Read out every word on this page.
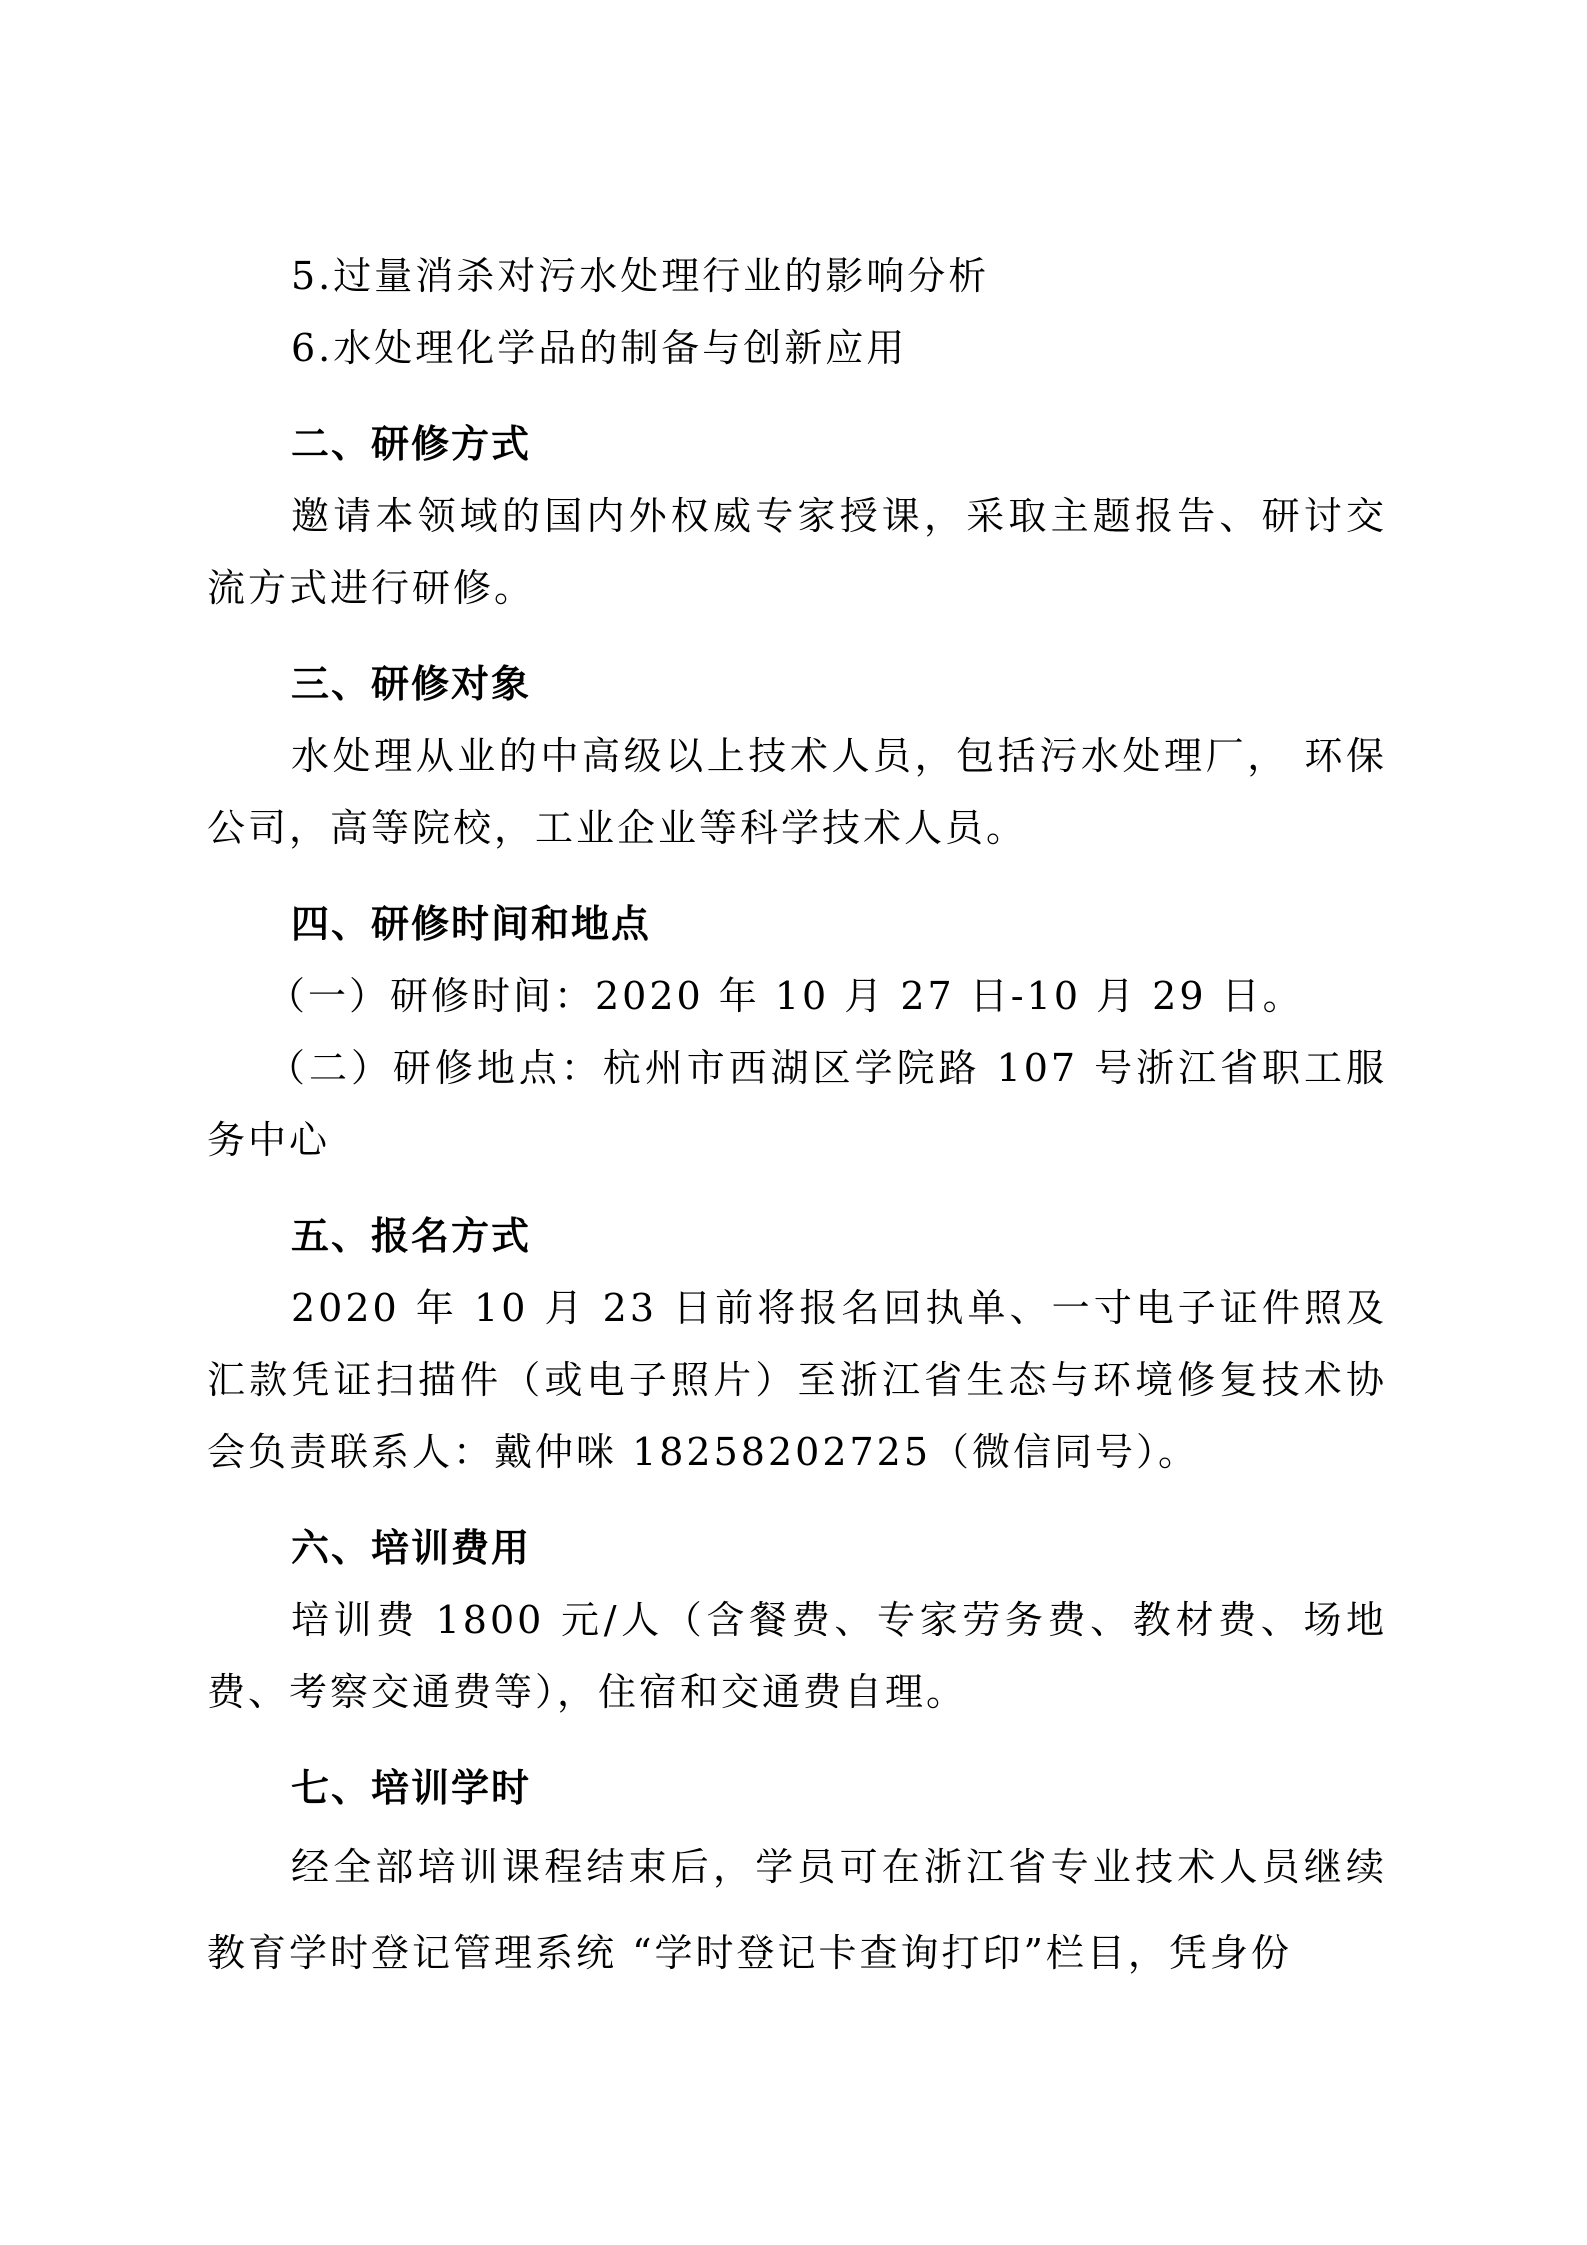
5.过量消杀对污水处理行业的影响分析

6.水处理化学品的制备与创新应用

二、研修方式

邀请本领域的国内外权威专家授课，采取主题报告、研讨交流方式进行研修。

三、研修对象

水处理从业的中高级以上技术人员，包括污水处理厂， 环保公司，高等院校，工业企业等科学技术人员。

四、研修时间和地点

（一）研修时间：2020 年 10 月 27 日-10 月 29 日。

（二）研修地点：杭州市西湖区学院路 107 号浙江省职工服务中心

五、报名方式

2020 年 10 月 23 日前将报名回执单、一寸电子证件照及汇款凭证扫描件（或电子照片）至浙江省生态与环境修复技术协会负责联系人：戴仲咪 18258202725（微信同号）。

六、培训费用

培训费 1800 元/人（含餐费、专家劳务费、教材费、场地费、考察交通费等），住宿和交通费自理。

七、培训学时

经全部培训课程结束后，学员可在浙江省专业技术人员继续教育学时登记管理系统 “学时登记卡查询打印”栏目，凭身份
